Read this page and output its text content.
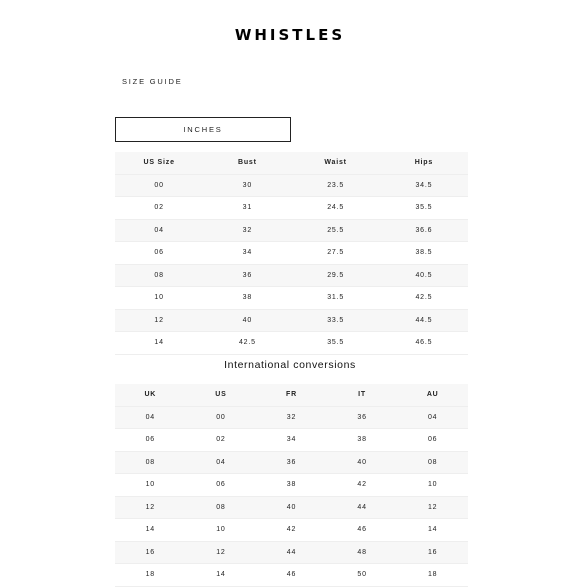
WHISTLES
SIZE GUIDE
INCHES
US Size	Bust	Waist	Hips
00	30	23.5	34.5
02	31	24.5	35.5
04	32	25.5	36.6
06	34	27.5	38.5
08	36	29.5	40.5
10	38	31.5	42.5
12	40	33.5	44.5
14	42.5	35.5	46.5
International conversions
UK	US	FR	IT	AU
04	00	32	36	04
06	02	34	38	06
08	04	36	40	08
10	06	38	42	10
12	08	40	44	12
14	10	42	46	14
16	12	44	48	16
18	14	46	50	18
